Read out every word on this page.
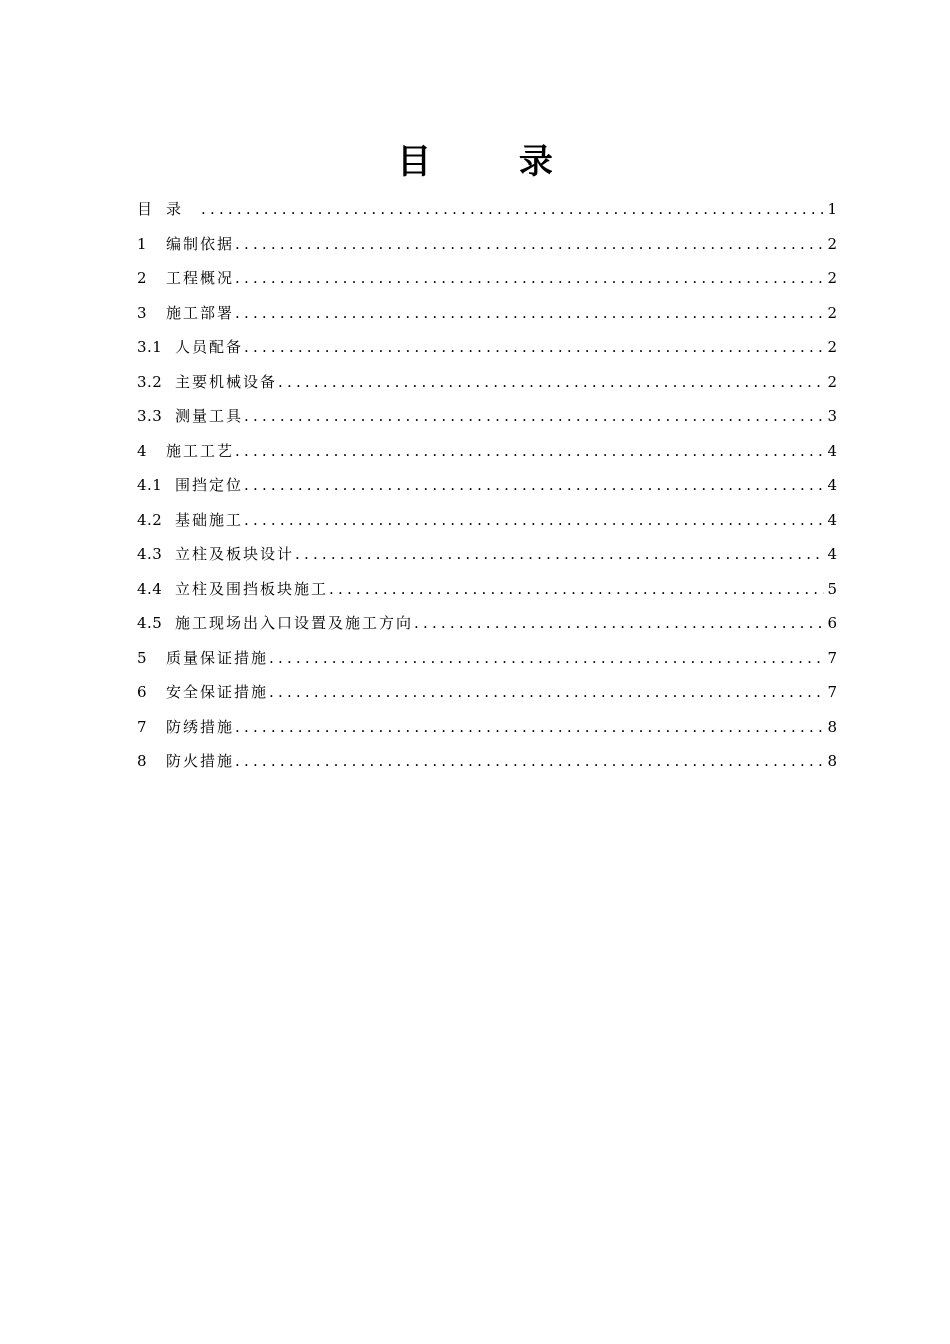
目 录
目 录 .....	1
1	编制依据 .....	2
2	工程概况 .....	2
3	施工部署 .....	2
3.1 人员配备 .....	2
3.2 主要机械设备 .....	2
3.3 测量工具 .....	3
4	施工工艺 .....	4
4.1 围挡定位 .....	4
4.2 基础施工 .....	4
4.3 立柱及板块设计 .....	4
4.4 立柱及围挡板块施工 .....	5
4.5 施工现场出入口设置及施工方向 .....	6
5	质量保证措施 .....	7
6	安全保证措施 .....	7
7	防绣措施 .....	8
8	防火措施 .....	8
